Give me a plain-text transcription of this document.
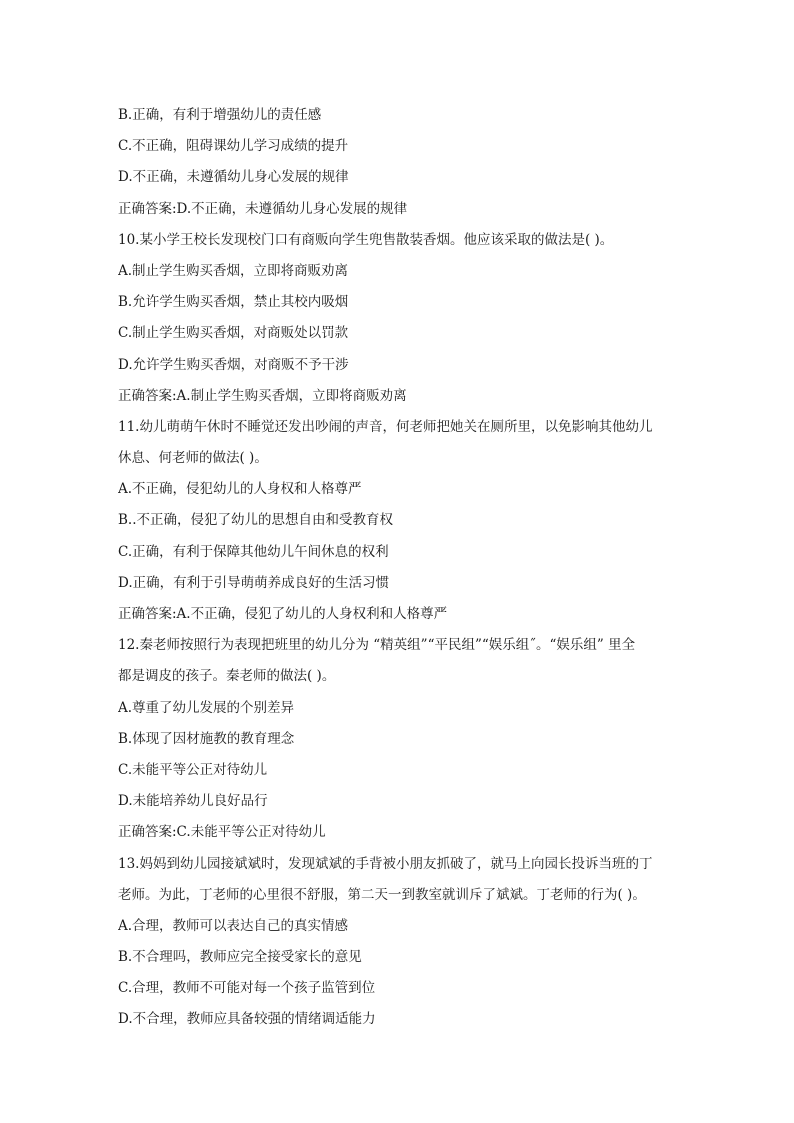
B.正确，有利于增强幼儿的责任感
C.不正确，阻碍课幼儿学习成绩的提升
D.不正确，未遵循幼儿身心发展的规律
正确答案:D.不正确，未遵循幼儿身心发展的规律
10.某小学王校长发现校门口有商贩向学生兜售散装香烟。他应该采取的做法是( )。
A.制止学生购买香烟，立即将商贩劝离
B.允许学生购买香烟，禁止其校内吸烟
C.制止学生购买香烟，对商贩处以罚款
D.允许学生购买香烟，对商贩不予干涉
正确答案:A.制止学生购买香烟，立即将商贩劝离
11.幼儿萌萌午休时不睡觉还发出吵闹的声音，何老师把她关在厕所里，以免影响其他幼儿
休息、何老师的做法( )。
A.不正确，侵犯幼儿的人身权和人格尊严
B..不正确，侵犯了幼儿的思想自由和受教育权
C.正确，有利于保障其他幼儿午间休息的权利
D.正确，有利于引导萌萌养成良好的生活习惯
正确答案:A.不正确，侵犯了幼儿的人身权利和人格尊严
12.秦老师按照行为表现把班里的幼儿分为 “精英组”“平民组”“娱乐组˝。“娱乐组” 里全
都是调皮的孩子。秦老师的做法( )。
A.尊重了幼儿发展的个别差异
B.体现了因材施教的教育理念
C.未能平等公正对待幼儿
D.未能培养幼儿良好品行
正确答案:C.未能平等公正对待幼儿
13.妈妈到幼儿园接斌斌时，发现斌斌的手背被小朋友抓破了，就马上向园长投诉当班的丁
老师。为此，丁老师的心里很不舒服，第二天一到教室就训斥了斌斌。丁老师的行为( )。
A.合理，教师可以表达自己的真实情感
B.不合理吗，教师应完全接受家长的意见
C.合理，教师不可能对每一个孩子监管到位
D.不合理，教师应具备较强的情绪调适能力
